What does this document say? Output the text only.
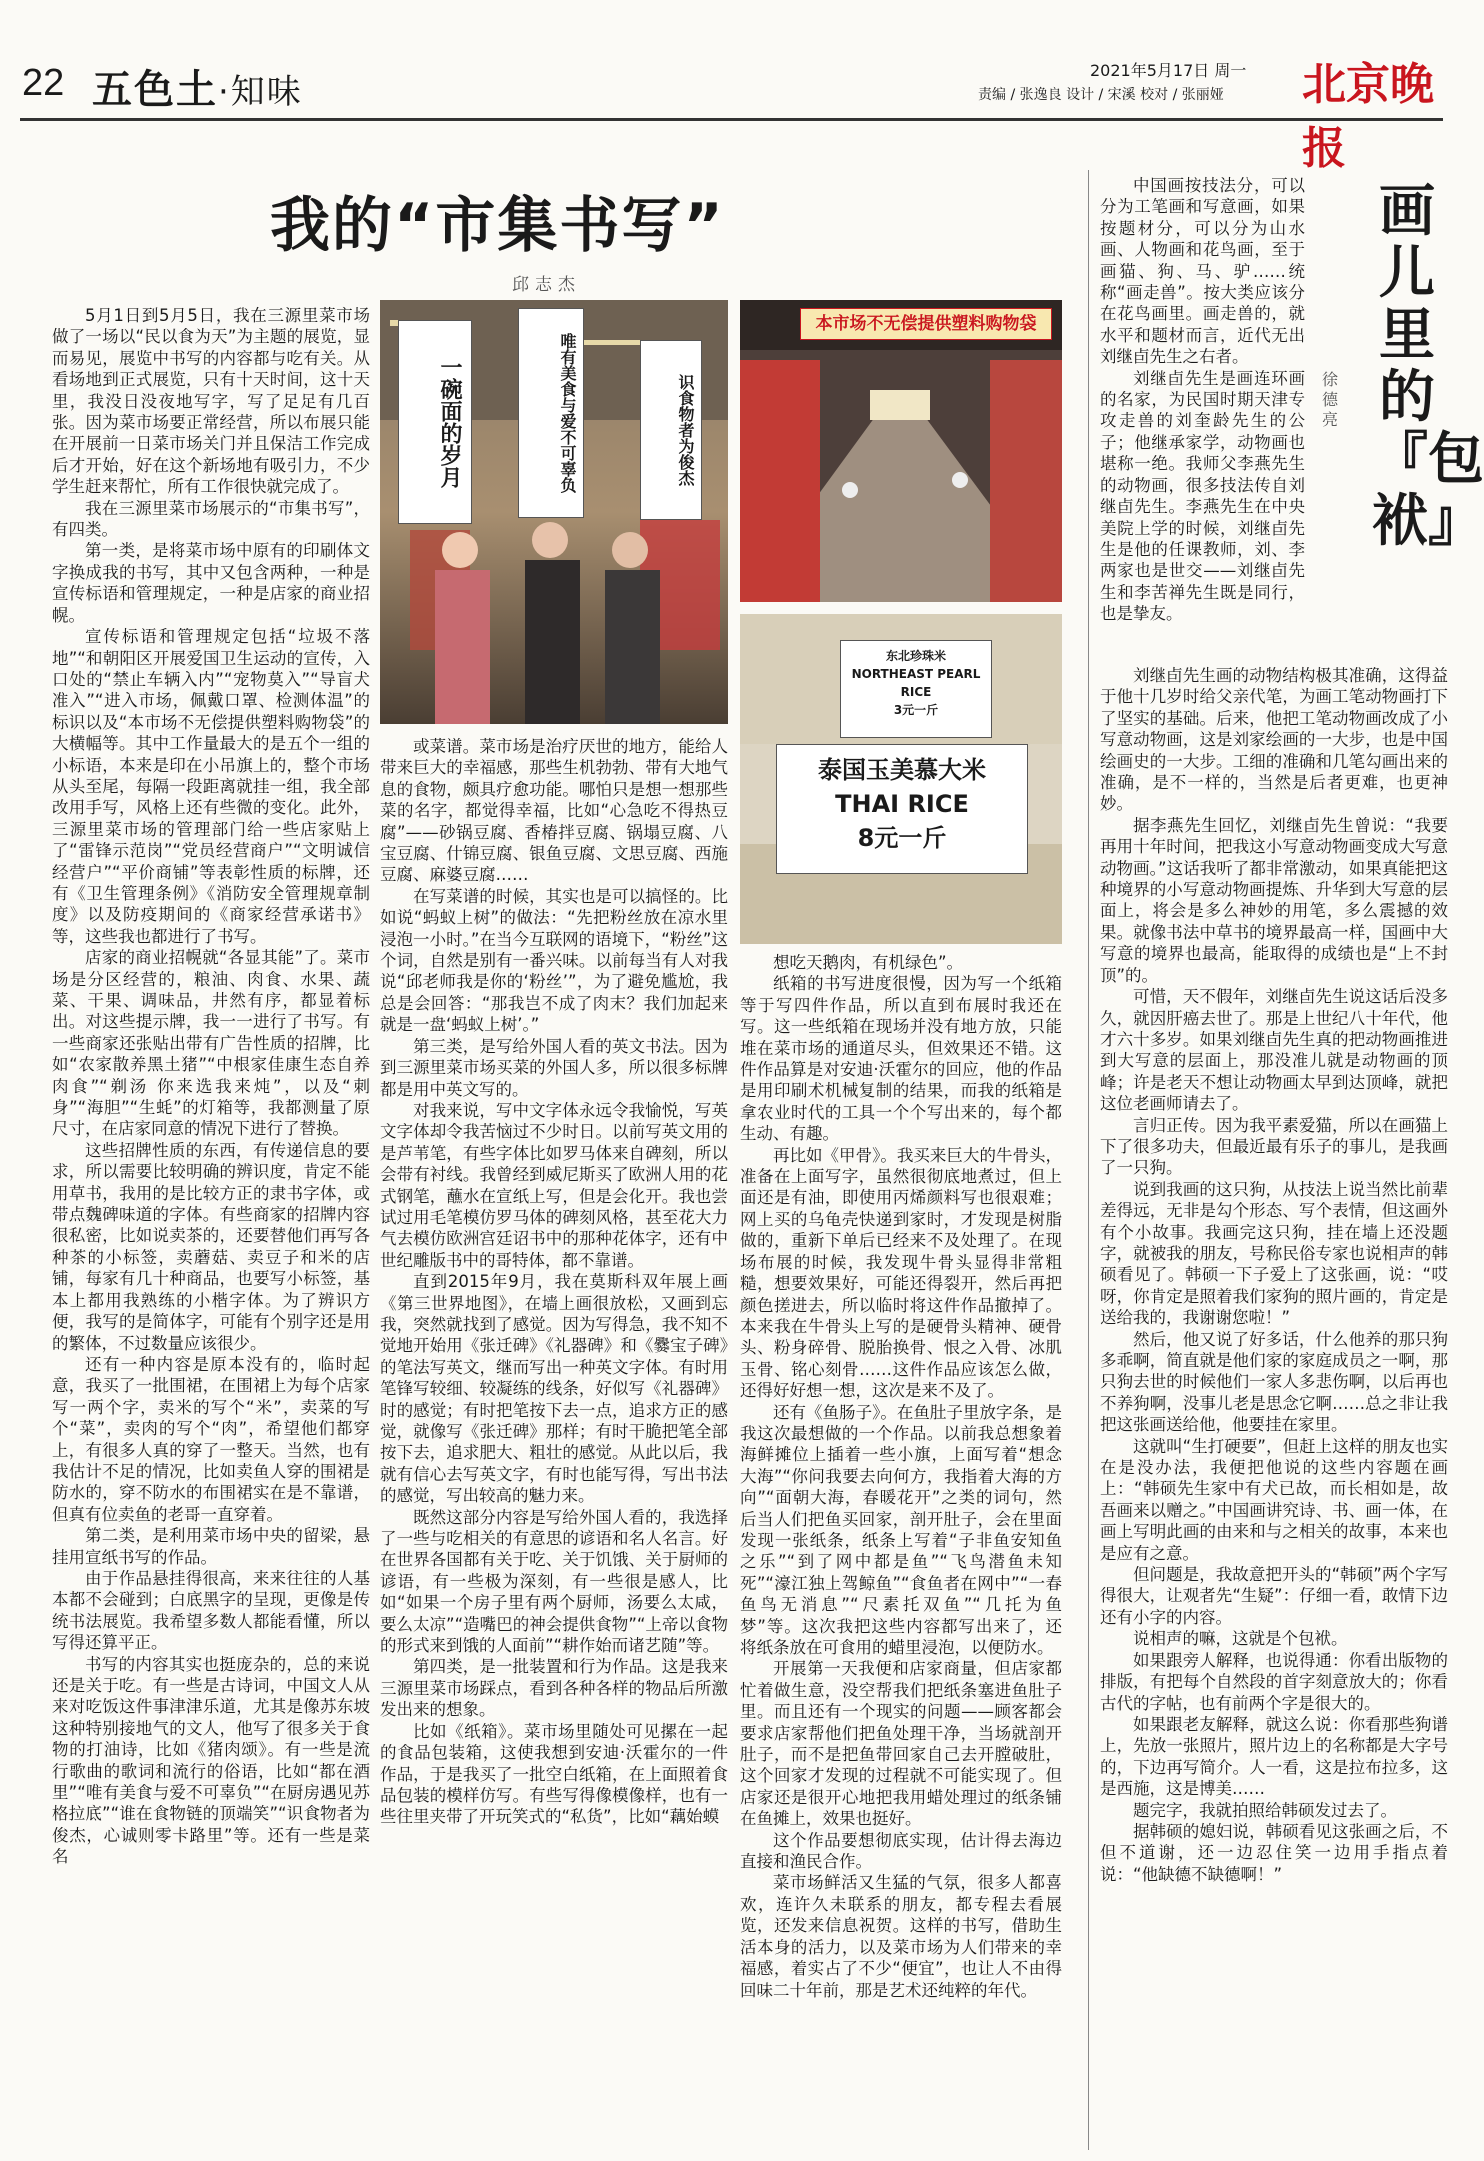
22 五色土·知味
2021年5月17日 周一
责编 / 张逸良 设计 / 宋溪 校对 / 张丽娅 北京晚报
我的“市集书写”
邱志杰
一碗面的岁月	唯有美食与爱不可辜负	识食物者为俊杰
本市场不无偿提供塑料购物袋
东北珍珠米
NORTHEAST PEARL RICE
3元一斤
泰国玉美慕大米
THAI RICE
8元一斤

5月1日到5月5日，我在三源里菜市场做了一场以“民以食为天”为主题的展览，显而易见，展览中书写的内容都与吃有关。从看场地到正式展览，只有十天时间，这十天里，我没日没夜地写字，写了足足有几百张。因为菜市场要正常经营，所以布展只能在开展前一日菜市场关门并且保洁工作完成后才开始，好在这个新场地有吸引力，不少学生赶来帮忙，所有工作很快就完成了。

我在三源里菜市场展示的“市集书写”，有四类。

第一类，是将菜市场中原有的印刷体文字换成我的书写，其中又包含两种，一种是宣传标语和管理规定，一种是店家的商业招幌。

宣传标语和管理规定包括“垃圾不落地”“和朝阳区开展爱国卫生运动的宣传，入口处的“禁止车辆入内”“宠物莫入”“导盲犬准入”“进入市场，佩戴口罩、检测体温”的标识以及“本市场不无偿提供塑料购物袋”的大横幅等。其中工作量最大的是五个一组的小标语，本来是印在小吊旗上的，整个市场从头至尾，每隔一段距离就挂一组，我全部改用手写，风格上还有些微的变化。此外，三源里菜市场的管理部门给一些店家贴上了“雷锋示范岗”“党员经营商户”“文明诚信经营户”“平价商铺”等表彰性质的标牌，还有《卫生管理条例》《消防安全管理规章制度》以及防疫期间的《商家经营承诺书》等，这些我也都进行了书写。

店家的商业招幌就“各显其能”了。菜市场是分区经营的，粮油、肉食、水果、蔬菜、干果、调味品，井然有序，都显着标出。对这些提示牌，我一一进行了书写。有一些商家还张贴出带有广告性质的招牌，比如“农家散养黑土猪”“中根家佳康生态自养肉食”“剃汤 你来选我来炖”，以及“刺身”“海胆”“生蚝”的灯箱等，我都测量了原尺寸，在店家同意的情况下进行了替换。

这些招牌性质的东西，有传递信息的要求，所以需要比较明确的辨识度，肯定不能用草书，我用的是比较方正的隶书字体，或带点魏碑味道的字体。有些商家的招牌内容很私密，比如说卖茶的，还要替他们再写各种茶的小标签，卖蘑菇、卖豆子和米的店铺，每家有几十种商品，也要写小标签，基本上都用我熟练的小楷字体。为了辨识方便，我写的是简体字，可能有个别字还是用的繁体，不过数量应该很少。

还有一种内容是原本没有的，临时起意，我买了一批围裙，在围裙上为每个店家写一两个字，卖米的写个“米”，卖菜的写个“菜”，卖肉的写个“肉”，希望他们都穿上，有很多人真的穿了一整天。当然，也有我估计不足的情况，比如卖鱼人穿的围裙是防水的，穿不防水的布围裙实在是不靠谱，但真有位卖鱼的老哥一直穿着。

第二类，是利用菜市场中央的留梁，悬挂用宣纸书写的作品。

由于作品悬挂得很高，来来往往的人基本都不会碰到；白底黑字的呈现，更像是传统书法展览。我希望多数人都能看懂，所以写得还算平正。

书写的内容其实也挺庞杂的，总的来说还是关于吃。有一些是古诗词，中国文人从来对吃饭这件事津津乐道，尤其是像苏东坡这种特别接地气的文人，他写了很多关于食物的打油诗，比如《猪肉颂》。有一些是流行歌曲的歌词和流行的俗语，比如“都在酒里”“唯有美食与爱不可辜负”“在厨房遇见苏格拉底”“谁在食物链的顶端笑”“识食物者为俊杰，心诚则零卡路里”等。还有一些是菜名

或菜谱。菜市场是治疗厌世的地方，能给人带来巨大的幸福感，那些生机勃勃、带有大地气息的食物，颇具疗愈功能。哪怕只是想一想那些菜的名字，都觉得幸福，比如“心急吃不得热豆腐”——砂锅豆腐、香椿拌豆腐、锅塌豆腐、八宝豆腐、什锦豆腐、银鱼豆腐、文思豆腐、西施豆腐、麻婆豆腐……

在写菜谱的时候，其实也是可以搞怪的。比如说“蚂蚁上树”的做法：“先把粉丝放在凉水里浸泡一小时。”在当今互联网的语境下，“粉丝”这个词，自然是别有一番兴味。以前每当有人对我说“邱老师我是你的‘粉丝’”，为了避免尴尬，我总是会回答：“那我岂不成了肉末？我们加起来就是一盘‘蚂蚁上树’。”

第三类，是写给外国人看的英文书法。因为到三源里菜市场买菜的外国人多，所以很多标牌都是用中英文写的。

对我来说，写中文字体永远令我愉悦，写英文字体却令我苦恼过不少时日。以前写英文用的是芦苇笔，有些字体比如罗马体来自碑刻，所以会带有衬线。我曾经到威尼斯买了欧洲人用的花式钢笔，蘸水在宣纸上写，但是会化开。我也尝试过用毛笔模仿罗马体的碑刻风格，甚至花大力气去模仿欧洲宫廷诏书中的那种花体字，还有中世纪雕版书中的哥特体，都不靠谱。

直到2015年9月，我在莫斯科双年展上画《第三世界地图》，在墙上画很放松，又画到忘我，突然就找到了感觉。因为写得急，我不知不觉地开始用《张迁碑》《礼器碑》和《爨宝子碑》的笔法写英文，继而写出一种英文字体。有时用笔锋写较细、较凝练的线条，好似写《礼器碑》时的感觉；有时把笔按下去一点，追求方正的感觉，就像写《张迁碑》那样；有时干脆把笔全部按下去，追求肥大、粗壮的感觉。从此以后，我就有信心去写英文字，有时也能写得，写出书法的感觉，写出较高的魅力来。

既然这部分内容是写给外国人看的，我选择了一些与吃相关的有意思的谚语和名人名言。好在世界各国都有关于吃、关于饥饿、关于厨师的谚语，有一些极为深刻，有一些很是感人，比如“如果一个房子里有两个厨师，汤要么太咸，要么太凉”“造嘴巴的神会提供食物”“上帝以食物的形式来到饿的人面前”“耕作始而诸艺随”等。

第四类，是一批装置和行为作品。这是我来三源里菜市场踩点，看到各种各样的物品后所激发出来的想象。

比如《纸箱》。菜市场里随处可见摞在一起的食品包装箱，这使我想到安迪·沃霍尔的一件作品，于是我买了一批空白纸箱，在上面照着食品包装的模样仿写。有些写得像模像样，也有一些往里夹带了开玩笑式的“私货”，比如“藕始蟆

想吃天鹅肉，有机绿色”。

纸箱的书写进度很慢，因为写一个纸箱等于写四件作品，所以直到布展时我还在写。这一些纸箱在现场并没有地方放，只能堆在菜市场的通道尽头，但效果还不错。这件作品算是对安迪·沃霍尔的回应，他的作品是用印刷术机械复制的结果，而我的纸箱是拿农业时代的工具一个个写出来的，每个都生动、有趣。

再比如《甲骨》。我买来巨大的牛骨头，准备在上面写字，虽然很彻底地煮过，但上面还是有油，即使用丙烯颜料写也很艰难；网上买的乌龟壳快递到家时，才发现是树脂做的，重新下单后已经来不及处理了。在现场布展的时候，我发现牛骨头显得非常粗糙，想要效果好，可能还得裂开，然后再把颜色搓进去，所以临时将这件作品撤掉了。本来我在牛骨头上写的是硬骨头精神、硬骨头、粉身碎骨、脱胎换骨、恨之入骨、冰肌玉骨、铭心刻骨……这件作品应该怎么做，还得好好想一想，这次是来不及了。

还有《鱼肠子》。在鱼肚子里放字条，是我这次最想做的一个作品。以前我总想象着海鲜摊位上插着一些小旗，上面写着“想念大海”“你问我要去向何方，我指着大海的方向”“面朝大海，春暖花开”之类的词句，然后当人们把鱼买回家，剖开肚子，会在里面发现一张纸条，纸条上写着“子非鱼安知鱼之乐”“到了网中都是鱼”“飞鸟潜鱼未知死”“濠江独上驾鲸鱼”“食鱼者在网中”“一春鱼鸟无消息”“尺素托双鱼”“几托为鱼梦”等。这次我把这些内容都写出来了，还将纸条放在可食用的蜡里浸泡，以便防水。

开展第一天我便和店家商量，但店家都忙着做生意，没空帮我们把纸条塞进鱼肚子里。而且还有一个现实的问题——顾客都会要求店家帮他们把鱼处理干净，当场就剖开肚子，而不是把鱼带回家自己去开膛破肚，这个回家才发现的过程就不可能实现了。但店家还是很开心地把我用蜡处理过的纸条铺在鱼摊上，效果也挺好。

这个作品要想彻底实现，估计得去海边直接和渔民合作。

菜市场鲜活又生猛的气氛，很多人都喜欢，连许久未联系的朋友，都专程去看展览，还发来信息祝贺。这样的书写，借助生活本身的活力，以及菜市场为人们带来的幸福感，着实占了不少“便宜”，也让人不由得回味二十年前，那是艺术还纯粹的年代。

画儿里的『包袱』
徐德亮

中国画按技法分，可以分为工笔画和写意画，如果按题材分，可以分为山水画、人物画和花鸟画，至于画猫、狗、马、驴……统称“画走兽”。按大类应该分在花鸟画里。画走兽的，就水平和题材而言，近代无出刘继卣先生之右者。

刘继卣先生是画连环画的名家，为民国时期天津专攻走兽的刘奎龄先生的公子；他继承家学，动物画也堪称一绝。我师父李燕先生的动物画，很多技法传自刘继卣先生。李燕先生在中央美院上学的时候，刘继卣先生是他的任课教师，刘、李两家也是世交——刘继卣先生和李苦禅先生既是同行，也是挚友。

刘继卣先生画的动物结构极其准确，这得益于他十几岁时给父亲代笔，为画工笔动物画打下了坚实的基础。后来，他把工笔动物画改成了小写意动物画，这是刘家绘画的一大步，也是中国绘画史的一大步。工细的准确和几笔勾画出来的准确，是不一样的，当然是后者更难，也更神妙。

据李燕先生回忆，刘继卣先生曾说：“我要再用十年时间，把我这小写意动物画变成大写意动物画。”这话我听了都非常激动，如果真能把这种境界的小写意动物画提炼、升华到大写意的层面上，将会是多么神妙的用笔，多么震撼的效果。就像书法中草书的境界最高一样，国画中大写意的境界也最高，能取得的成绩也是“上不封顶”的。

可惜，天不假年，刘继卣先生说这话后没多久，就因肝癌去世了。那是上世纪八十年代，他才六十多岁。如果刘继卣先生真的把动物画推进到大写意的层面上，那没准儿就是动物画的顶峰；许是老天不想让动物画太早到达顶峰，就把这位老画师请去了。

言归正传。因为我平素爱猫，所以在画猫上下了很多功夫，但最近最有乐子的事儿，是我画了一只狗。

说到我画的这只狗，从技法上说当然比前辈差得远，无非是勾个形态、写个表情，但这画外有个小故事。我画完这只狗，挂在墙上还没题字，就被我的朋友，号称民俗专家也说相声的韩硕看见了。韩硕一下子爱上了这张画，说：“哎呀，你肯定是照着我们家狗的照片画的，肯定是送给我的，我谢谢您啦！”

然后，他又说了好多话，什么他养的那只狗多乖啊，简直就是他们家的家庭成员之一啊，那只狗去世的时候他们一家人多悲伤啊，以后再也不养狗啊，没事儿老是思念它啊……总之非让我把这张画送给他，他要挂在家里。

这就叫“生打硬要”，但赶上这样的朋友也实在是没办法，我便把他说的这些内容题在画上：“韩硕先生家中有犬已故，而长相如是，故吾画来以赠之。”中国画讲究诗、书、画一体，在画上写明此画的由来和与之相关的故事，本来也是应有之意。

但问题是，我故意把开头的“韩硕”两个字写得很大，让观者先“生疑”：仔细一看，敢情下边还有小字的内容。

说相声的嘛，这就是个包袱。

如果跟旁人解释，也说得通：你看出版物的排版，有把每个自然段的首字刻意放大的；你看古代的字帖，也有前两个字是很大的。

如果跟老友解释，就这么说：你看那些狗谱上，先放一张照片，照片边上的名称都是大字号的，下边再写简介。人一看，这是拉布拉多，这是西施，这是博美……

题完字，我就拍照给韩硕发过去了。

据韩硕的媳妇说，韩硕看见这张画之后，不但不道谢，还一边忍住笑一边用手指点着说：“他缺德不缺德啊！”
